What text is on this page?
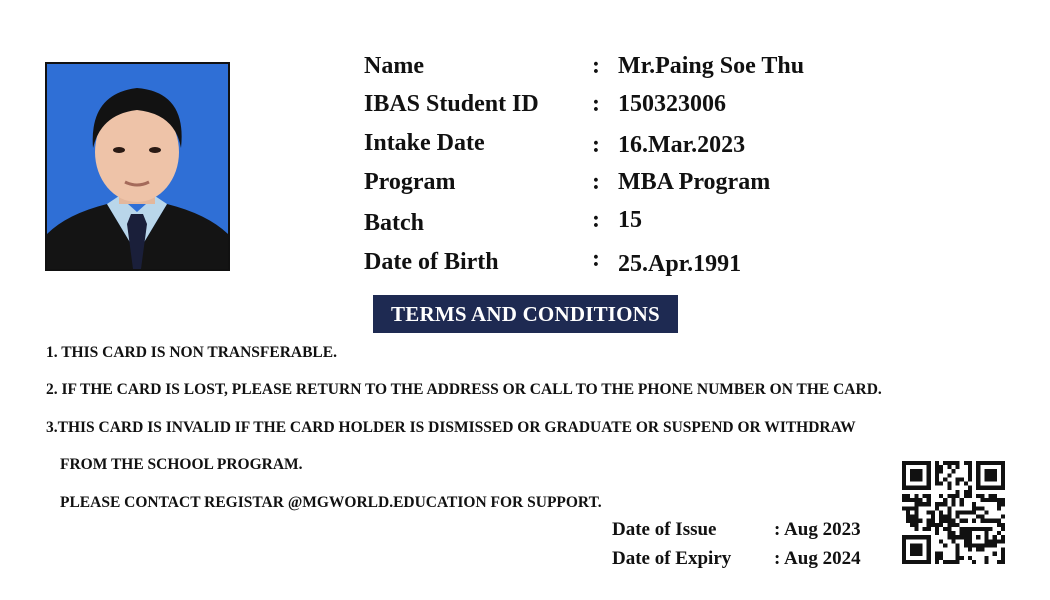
Name	: Mr.Paing Soe Thu
IBAS Student ID : 150323006
Intake Date	: 16.Mar.2023
Program	: MBA Program
Batch	: 15
Date of Birth	: 25.Apr.1991
TERMS AND CONDITIONS
1. THIS CARD IS NON TRANSFERABLE.
2. IF THE CARD IS LOST, PLEASE RETURN TO THE ADDRESS OR CALL TO THE PHONE NUMBER ON THE CARD.
3.THIS CARD IS INVALID IF THE CARD HOLDER IS DISMISSED OR GRADUATE OR SUSPEND OR WITHDRAW
FROM THE SCHOOL PROGRAM.
PLEASE CONTACT REGISTAR @MGWORLD.EDUCATION FOR SUPPORT.
Date of Issue	: Aug 2023
Date of Expiry : Aug 2024
